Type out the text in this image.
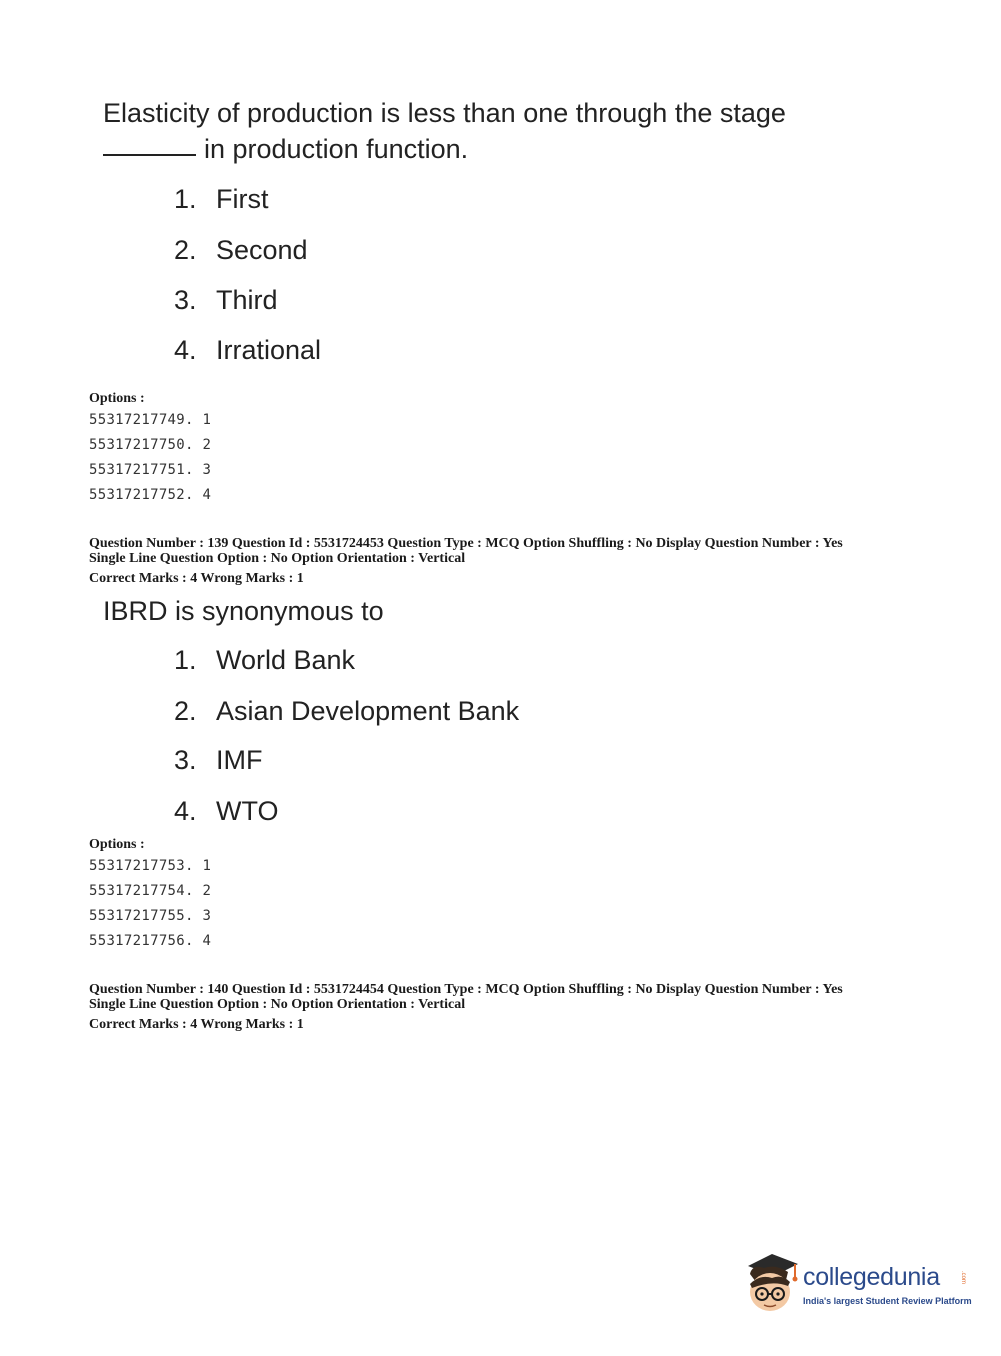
Elasticity of production is less than one through the stage
in production function.
1. First
2. Second
3. Third
4. Irrational
Options :
55317217749. 1
55317217750. 2
55317217751. 3
55317217752. 4
Question Number : 139 Question Id : 5531724453 Question Type : MCQ Option Shuffling : No Display Question Number : Yes
Single Line Question Option : No Option Orientation : Vertical
Correct Marks : 4 Wrong Marks : 1
IBRD is synonymous to
1. World Bank
2. Asian Development Bank
3. IMF
4. WTO
Options :
55317217753. 1
55317217754. 2
55317217755. 3
55317217756. 4
Question Number : 140 Question Id : 5531724454 Question Type : MCQ Option Shuffling : No Display Question Number : Yes
Single Line Question Option : No Option Orientation : Vertical
Correct Marks : 4 Wrong Marks : 1
collegedunia	.com
India's largest Student Review Platform
